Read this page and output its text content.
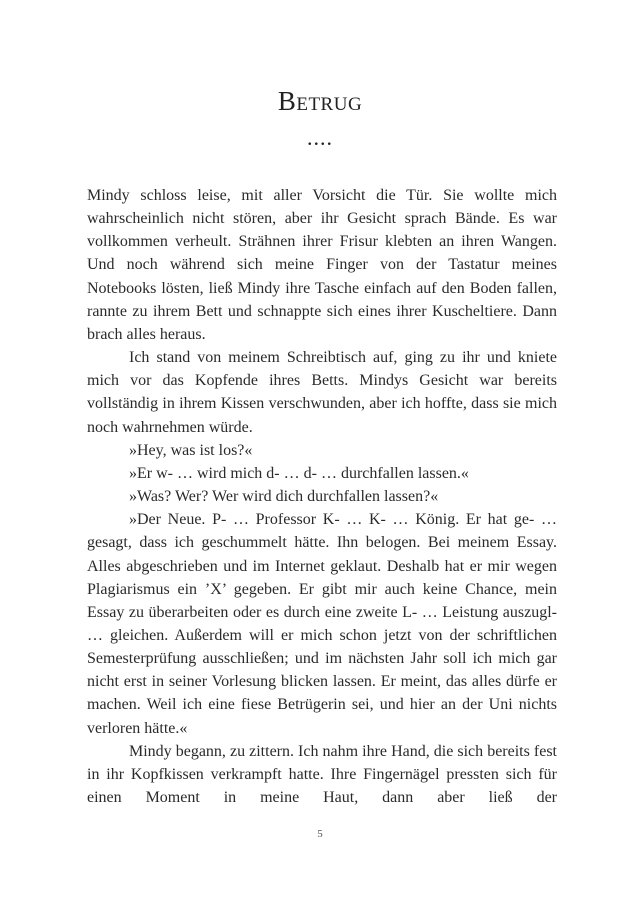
Betrug
....

Mindy schloss leise, mit aller Vorsicht die Tür. Sie wollte mich wahrscheinlich nicht stören, aber ihr Gesicht sprach Bände. Es war vollkommen verheult. Strähnen ihrer Frisur klebten an ihren Wangen. Und noch während sich meine Finger von der Tastatur meines Notebooks lösten, ließ Mindy ihre Tasche einfach auf den Boden fallen, rannte zu ihrem Bett und schnappte sich eines ihrer Kuscheltiere. Dann brach alles heraus.

Ich stand von meinem Schreibtisch auf, ging zu ihr und kniete mich vor das Kopfende ihres Betts. Mindys Gesicht war bereits vollständig in ihrem Kissen verschwunden, aber ich hoffte, dass sie mich noch wahrnehmen würde.

»Hey, was ist los?«

»Er w- … wird mich d- … d- … durchfallen lassen.«

»Was? Wer? Wer wird dich durchfallen lassen?«

»Der Neue. P- … Professor K- … K- … König. Er hat ge- … gesagt, dass ich geschummelt hätte. Ihn belogen. Bei meinem Essay. Alles abgeschrieben und im Internet geklaut. Deshalb hat er mir wegen Plagiarismus ein ’X’ gegeben. Er gibt mir auch keine Chance, mein Essay zu überarbeiten oder es durch eine zweite L- … Leistung auszugl- … gleichen. Außerdem will er mich schon jetzt von der schriftlichen Semesterprüfung ausschließen; und im nächsten Jahr soll ich mich gar nicht erst in seiner Vorlesung blicken lassen. Er meint, das alles dürfe er machen. Weil ich eine fiese Betrügerin sei, und hier an der Uni nichts verloren hätte.«

Mindy begann, zu zittern. Ich nahm ihre Hand, die sich bereits fest in ihr Kopfkissen verkrampft hatte. Ihre Fingernägel pressten sich für einen Moment in meine Haut, dann aber ließ der

5
